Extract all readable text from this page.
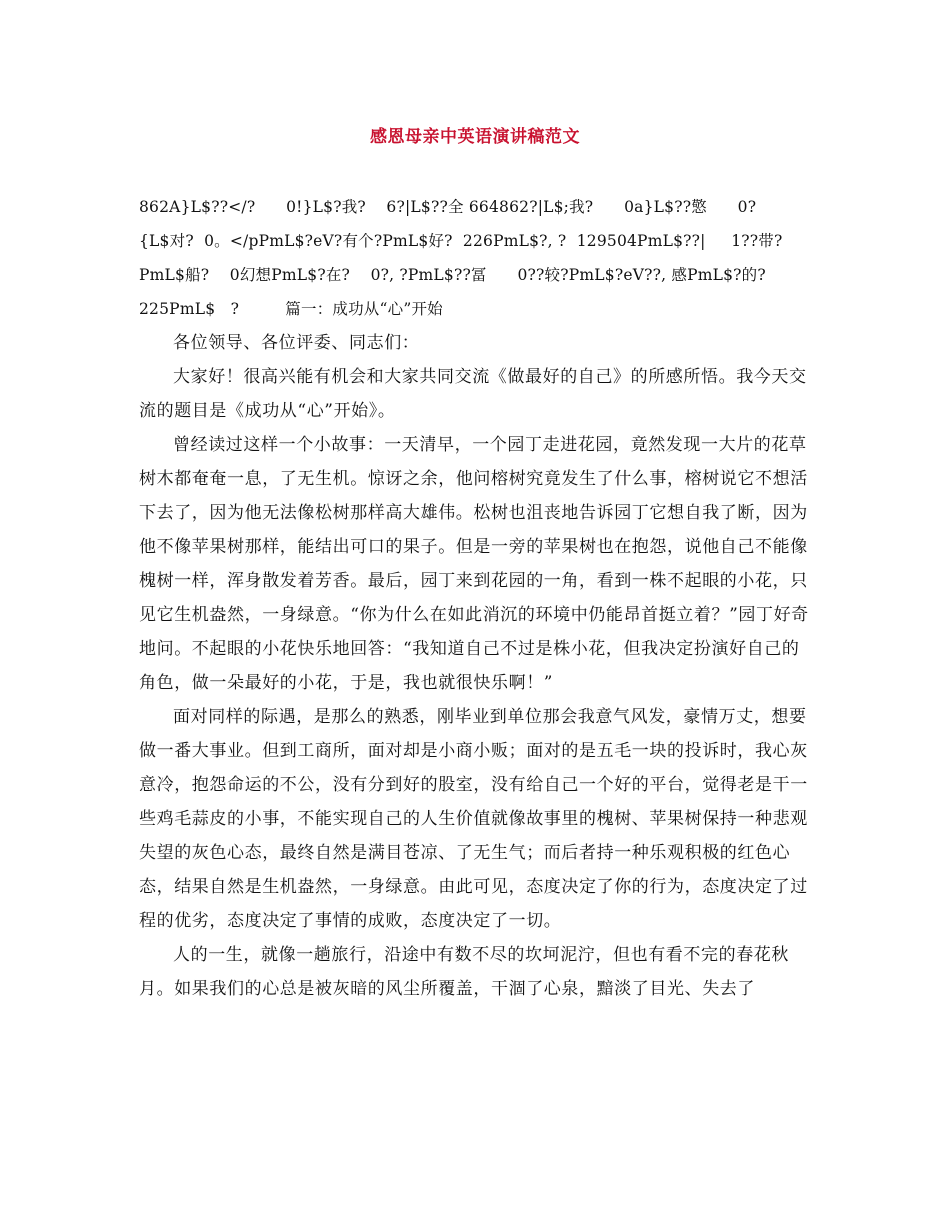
感恩母亲中英语演讲稿范文
862A}L$??</?      0!}L$?我?    6?|L$??全 664862?|L$;我?      0a}L$??憼      0?
{L$对?  0。</pPmL$?eV?有个?PmL$好?  226PmL$?, ?  129504PmL$??|     1??带?
PmL$船?    0幻想PmL$?在?    0?, ?PmL$??冨      0??较?PmL$?eV??, 感PmL$?的?
225PmL$   ?         篇一：成功从“心”开始

各位领导、各位评委、同志们：

大家好！很高兴能有机会和大家共同交流《做最好的自己》的所感所悟。我今天交流的题目是《成功从“心”开始》。

曾经读过这样一个小故事：一天清早，一个园丁走进花园，竟然发现一大片的花草树木都奄奄一息，了无生机。惊讶之余，他问榕树究竟发生了什么事，榕树说它不想活下去了，因为他无法像松树那样高大雄伟。松树也沮丧地告诉园丁它想自我了断，因为他不像苹果树那样，能结出可口的果子。但是一旁的苹果树也在抱怨，说他自己不能像槐树一样，浑身散发着芳香。最后，园丁来到花园的一角，看到一株不起眼的小花，只见它生机盎然，一身绿意。“你为什么在如此消沉的环境中仍能昂首挺立着？”园丁好奇地问。不起眼的小花快乐地回答：“我知道自己不过是株小花，但我决定扮演好自己的角色，做一朵最好的小花，于是，我也就很快乐啊！”

面对同样的际遇，是那么的熟悉，刚毕业到单位那会我意气风发，豪情万丈，想要做一番大事业。但到工商所，面对却是小商小贩；面对的是五毛一块的投诉时，我心灰意冷，抱怨命运的不公，没有分到好的股室，没有给自己一个好的平台，觉得老是干一些鸡毛蒜皮的小事，不能实现自己的人生价值就像故事里的槐树、苹果树保持一种悲观失望的灰色心态，最终自然是满目苍凉、了无生气；而后者持一种乐观积极的红色心态，结果自然是生机盎然，一身绿意。由此可见，态度决定了你的行为，态度决定了过程的优劣，态度决定了事情的成败，态度决定了一切。

人的一生，就像一趟旅行，沿途中有数不尽的坎坷泥泞，但也有看不完的春花秋月。如果我们的心总是被灰暗的风尘所覆盖，干涸了心泉，黯淡了目光、失去了
